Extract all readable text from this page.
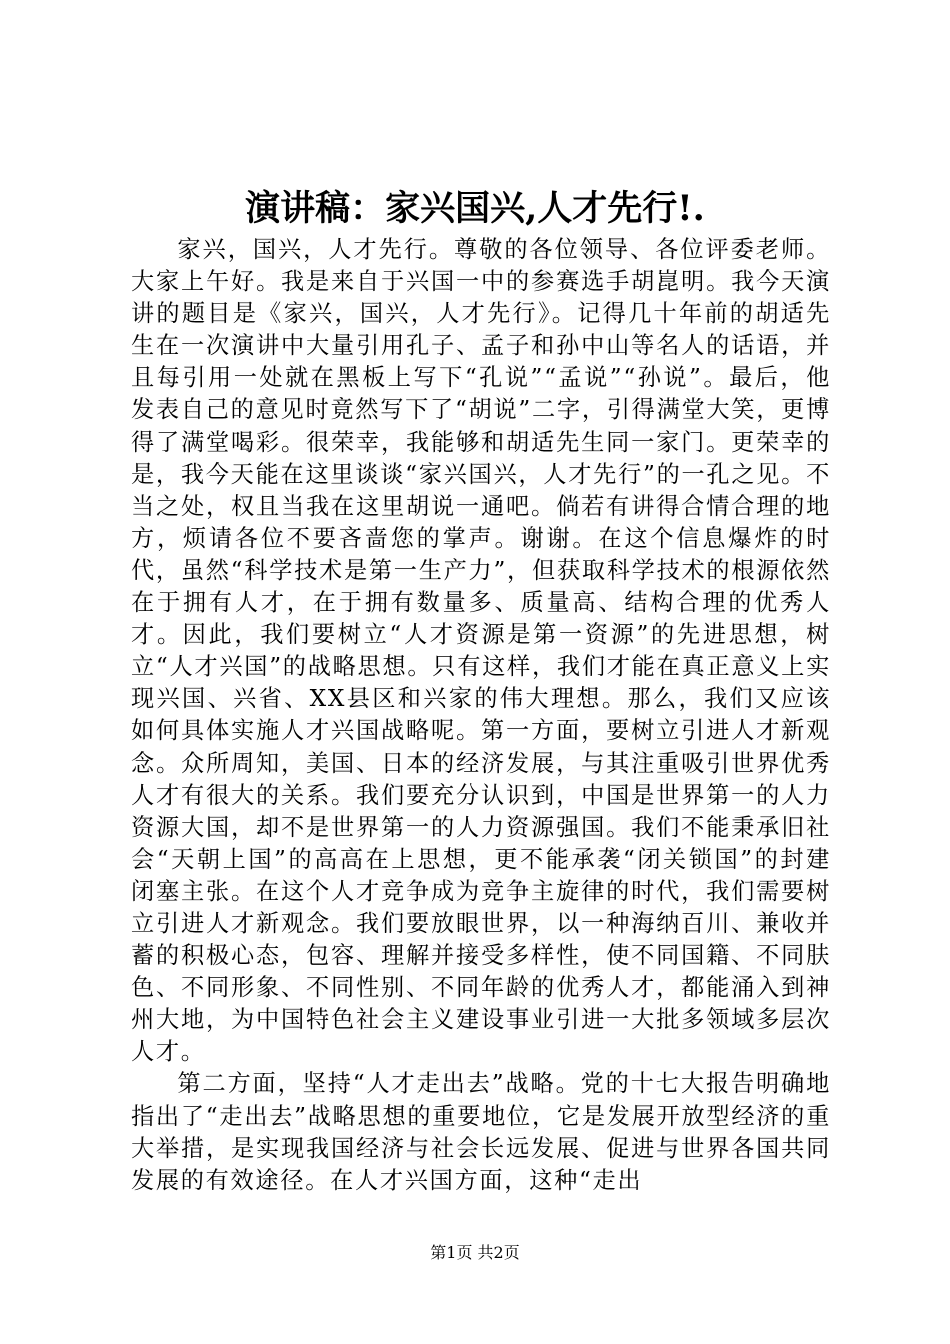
演讲稿：家兴国兴,人才先行!.

家兴，国兴，人才先行。尊敬的各位领导、各位评委老师。大家上午好。我是来自于兴国一中的参赛选手胡崑明。我今天演讲的题目是《家兴，国兴，人才先行》。记得几十年前的胡适先生在一次演讲中大量引用孔子、孟子和孙中山等名人的话语，并且每引用一处就在黑板上写下“孔说”“孟说”“孙说”。最后，他发表自己的意见时竟然写下了“胡说”二字，引得满堂大笑，更博得了满堂喝彩。很荣幸，我能够和胡适先生同一家门。更荣幸的是，我今天能在这里谈谈“家兴国兴，人才先行”的一孔之见。不当之处，权且当我在这里胡说一通吧。倘若有讲得合情合理的地方，烦请各位不要吝啬您的掌声。谢谢。在这个信息爆炸的时代，虽然“科学技术是第一生产力”，但获取科学技术的根源依然在于拥有人才，在于拥有数量多、质量高、结构合理的优秀人才。因此，我们要树立“人才资源是第一资源”的先进思想，树立“人才兴国”的战略思想。只有这样，我们才能在真正意义上实现兴国、兴省、XX县区和兴家的伟大理想。那么，我们又应该如何具体实施人才兴国战略呢。第一方面，要树立引进人才新观念。众所周知，美国、日本的经济发展，与其注重吸引世界优秀人才有很大的关系。我们要充分认识到，中国是世界第一的人力资源大国，却不是世界第一的人力资源强国。我们不能秉承旧社会“天朝上国”的高高在上思想，更不能承袭“闭关锁国”的封建闭塞主张。在这个人才竞争成为竞争主旋律的时代，我们需要树立引进人才新观念。我们要放眼世界，以一种海纳百川、兼收并蓄的积极心态，包容、理解并接受多样性，使不同国籍、不同肤色、不同形象、不同性别、不同年龄的优秀人才，都能涌入到神州大地，为中国特色社会主义建设事业引进一大批多领域多层次人才。

第二方面，坚持“人才走出去”战略。党的十七大报告明确地指出了“走出去”战略思想的重要地位，它是发展开放型经济的重大举措，是实现我国经济与社会长远发展、促进与世界各国共同发展的有效途径。在人才兴国方面，这种“走出

第1页 共2页
